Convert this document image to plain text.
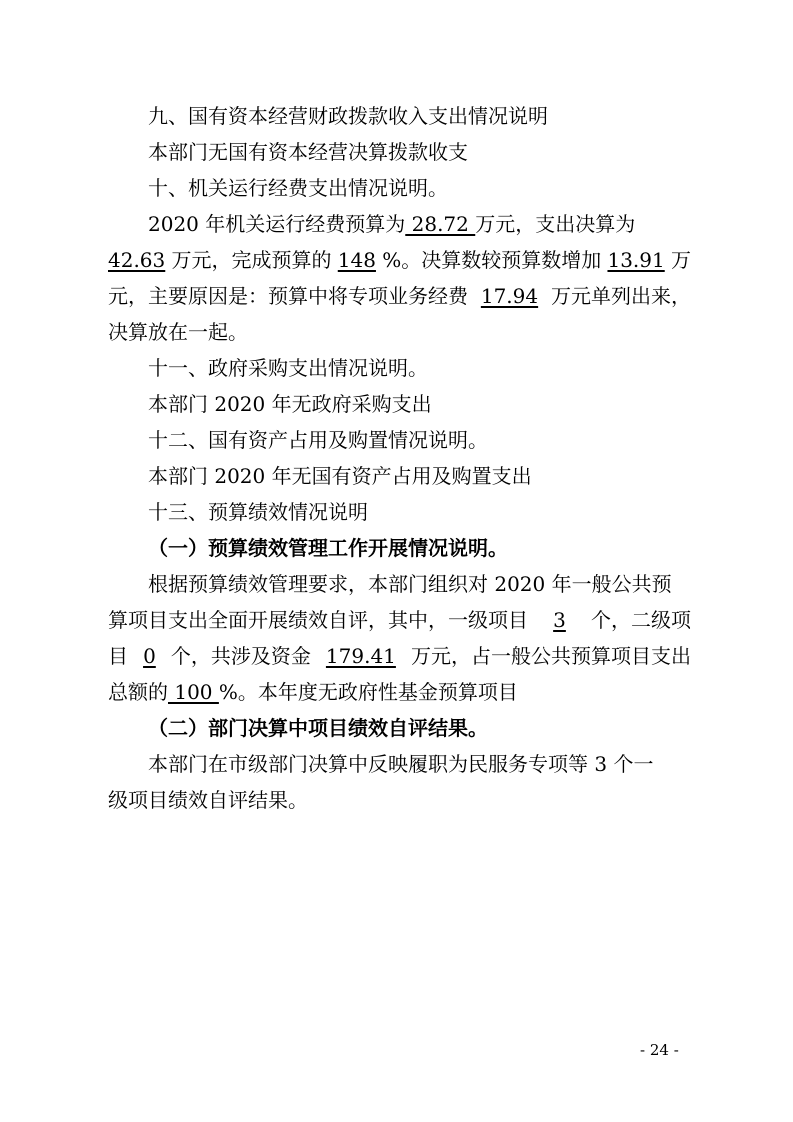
九、国有资本经营财政拨款收入支出情况说明
本部门无国有资本经营决算拨款收支
十、机关运行经费支出情况说明。
2020 年机关运行经费预算为 28.72 万元，支出决算为
42.63 万元，完成预算的 148 %。决算数较预算数增加 13.91 万
元，主要原因是：预算中将专项业务经费 17.94 万元单列出来，
决算放在一起。
十一、政府采购支出情况说明。
本部门 2020 年无政府采购支出
十二、国有资产占用及购置情况说明。
本部门 2020 年无国有资产占用及购置支出
十三、预算绩效情况说明
（一）预算绩效管理工作开展情况说明。
根据预算绩效管理要求，本部门组织对 2020 年一般公共预
算项目支出全面开展绩效自评，其中，一级项目 3 个，二级项
目 0 个，共涉及资金 179.41 万元，占一般公共预算项目支出
总额的 100 %。本年度无政府性基金预算项目
（二）部门决算中项目绩效自评结果。
本部门在市级部门决算中反映履职为民服务专项等 3 个一
级项目绩效自评结果。
- 24 -
